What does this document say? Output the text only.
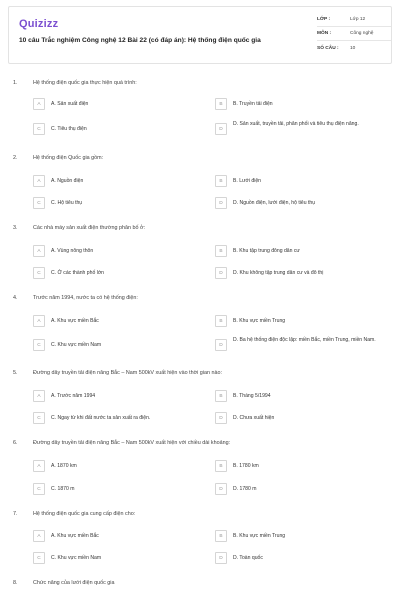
Quizizz
10 câu Trắc nghiệm Công nghệ 12 Bài 22 (có đáp án): Hệ thống điện quốc gia
LỚP :	Lớp 12
MÔN :	Công nghệ
SỐ CÂU :	10
1.	Hệ thống điện quốc gia thực hiện quá trình:
A	A. Sản xuất điện	B	B. Truyền tải điện
C	C. Tiêu thụ điện	D
D. Sản xuất, truyền tải, phân phối và tiêu thụ điện năng.
2.	Hệ thống điện Quốc gia gồm:
A	A. Nguồn điện	B	B. Lưới điện
C	C. Hộ tiêu thụ	D	D. Nguồn điện, lưới điện, hộ tiêu thụ
3.	Các nhà máy sản xuất điện thường phân bố ở:
A	A. Vùng nông thôn	B	B. Khu tập trung đông dân cư
C	C. Ở các thành phố lớn	D	D. Khu không tập trung dân cư và đô thị
4.	Trước năm 1994, nước ta có hệ thống điện:
A	A. Khu vực miền Bắc	B	B. Khu vực miền Trung
C	C. Khu vực miền Nam	D
D. Ba hệ thống điện độc lập: miền Bắc, miền Trung, miền Nam.
5.	Đường dây truyền tải điện năng Bắc – Nam 500kV xuất hiện vào thời gian nào:
A	A. Trước năm 1994	B	B. Tháng 5/1994
C	C. Ngay từ khi đất nước ta sản xuất ra điện.	D	D. Chưa xuất hiện
6.	Đường dây truyền tải điện năng Bắc – Nam 500kV xuất hiện với chiều dài khoảng:
A	A. 1870 km	B	B. 1780 km
C	C. 1870 m	D	D. 1780 m
7.	Hệ thống điện quốc gia cung cấp điện cho:
A	A. Khu vực miền Bắc	B	B. Khu vực miền Trung
C	C. Khu vực miền Nam	D	D. Toàn quốc
8.	Chức năng của lưới điện quốc gia
